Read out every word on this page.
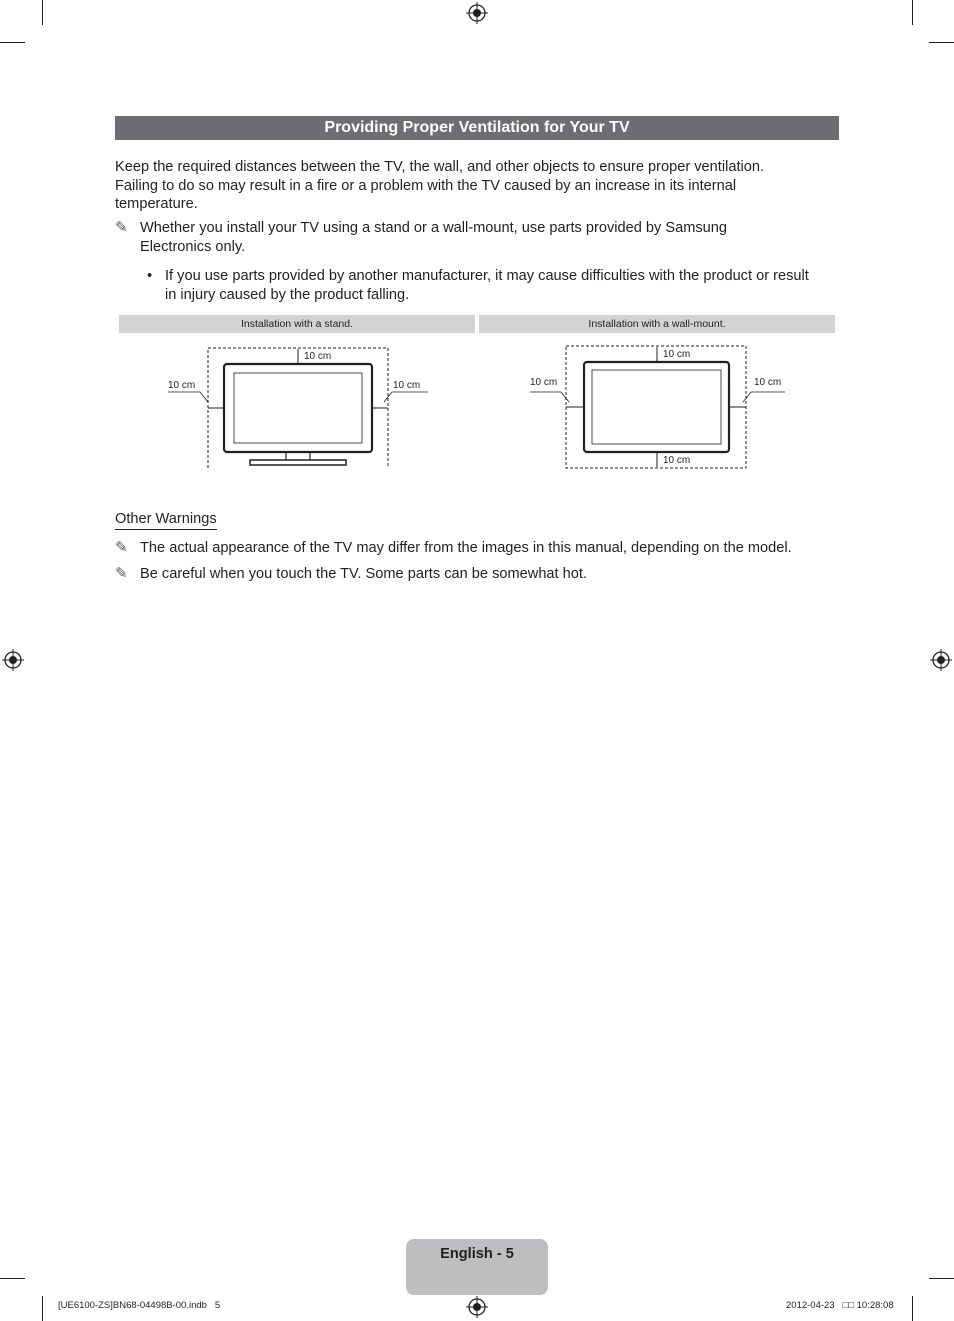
Providing Proper Ventilation for Your TV
Keep the required distances between the TV, the wall, and other objects to ensure proper ventilation.
Failing to do so may result in a fire or a problem with the TV caused by an increase in its internal
temperature.
✎ Whether you install your TV using a stand or a wall-mount, use parts provided by Samsung
Electronics only.
• If you use parts provided by another manufacturer, it may cause difficulties with the product or result
in injury caused by the product falling.
Installation with a stand.	Installation with a wall-mount.
10 cm
10 cm	10 cm
10 cm
10 cm	10 cm
10 cm
Other Warnings
✎ The actual appearance of the TV may differ from the images in this manual, depending on the model.
✎ Be careful when you touch the TV. Some parts can be somewhat hot.
English - 5
[UE6100-ZS]BN68-04498B-00.indb   5	2012-04-23   □□ 10:28:08
